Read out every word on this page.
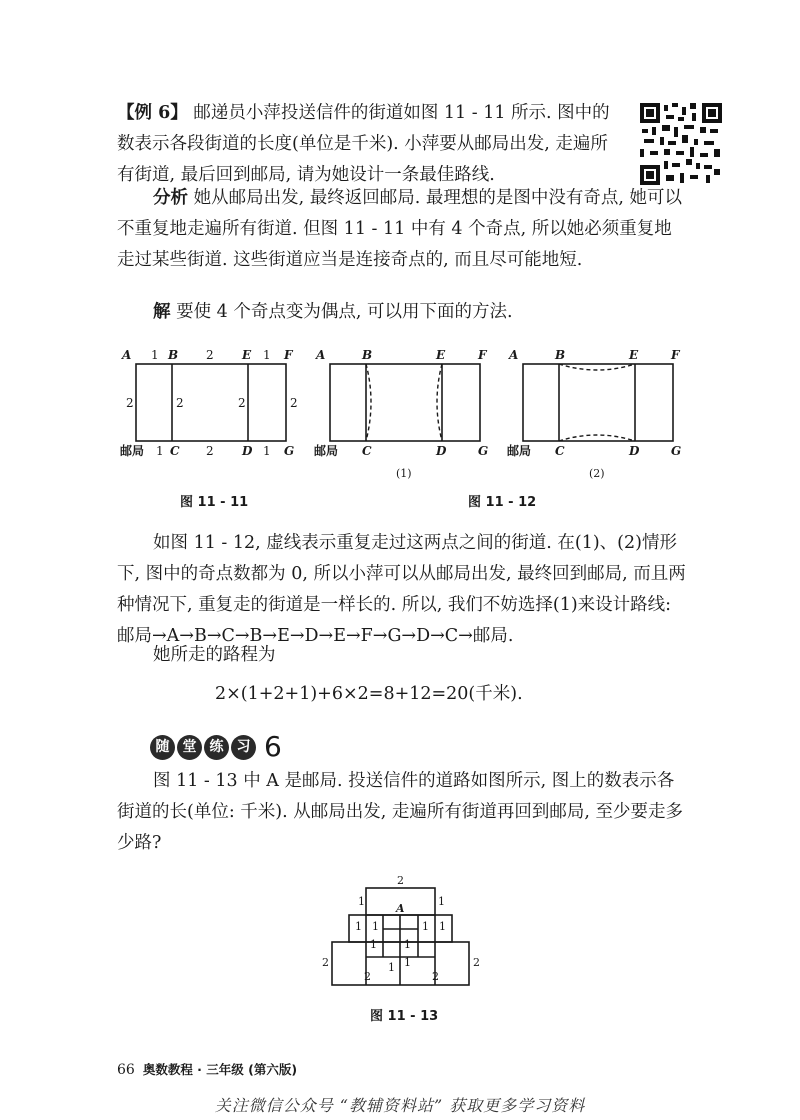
【例 6】 邮递员小萍投送信件的街道如图 11 - 11 所示. 图中的数表示各段街道的长度(单位是千米). 小萍要从邮局出发, 走遍所有街道, 最后回到邮局, 请为她设计一条最佳路线.

分析 她从邮局出发, 最终返回邮局. 最理想的是图中没有奇点, 她可以不重复地走遍所有街道. 但图 11 - 11 中有 4 个奇点, 所以她必须重复地走过某些街道. 这些街道应当是连接奇点的, 而且尽可能地短.

解 要使 4 个奇点变为偶点, 可以用下面的方法.

A	B	E	F
C	D	G
邮局
1	2	1
1	2	1
2	2	2	2
A	B	E	F
C	D	G
邮局
(1)
A	B	E	F
C	D	G
邮局
(2)
图 11 - 11	图 11 - 12

如图 11 - 12, 虚线表示重复走过这两点之间的街道. 在(1)、(2)情形下, 图中的奇点数都为 0, 所以小萍可以从邮局出发, 最终回到邮局, 而且两种情况下, 重复走的街道是一样长的. 所以, 我们不妨选择(1)来设计路线: 邮局→A→B→C→B→E→D→E→F→G→D→C→邮局.

她所走的路程为

2×(1+2+1)+6×2=8+12=20(千米).
随 堂 练 习 6

图 11 - 13 中 A 是邮局. 投送信件的道路如图所示, 图上的数表示各街道的长(单位: 千米). 从邮局出发, 走遍所有街道再回到邮局, 至少要走多少路?

2
1	1
2	2
2	2
1 1
1 1
1 1
1
1
A
图 11 - 13
66 奥数教程 · 三年级 (第六版)
关注微信公众号 “教辅资料站” 获取更多学习资料
